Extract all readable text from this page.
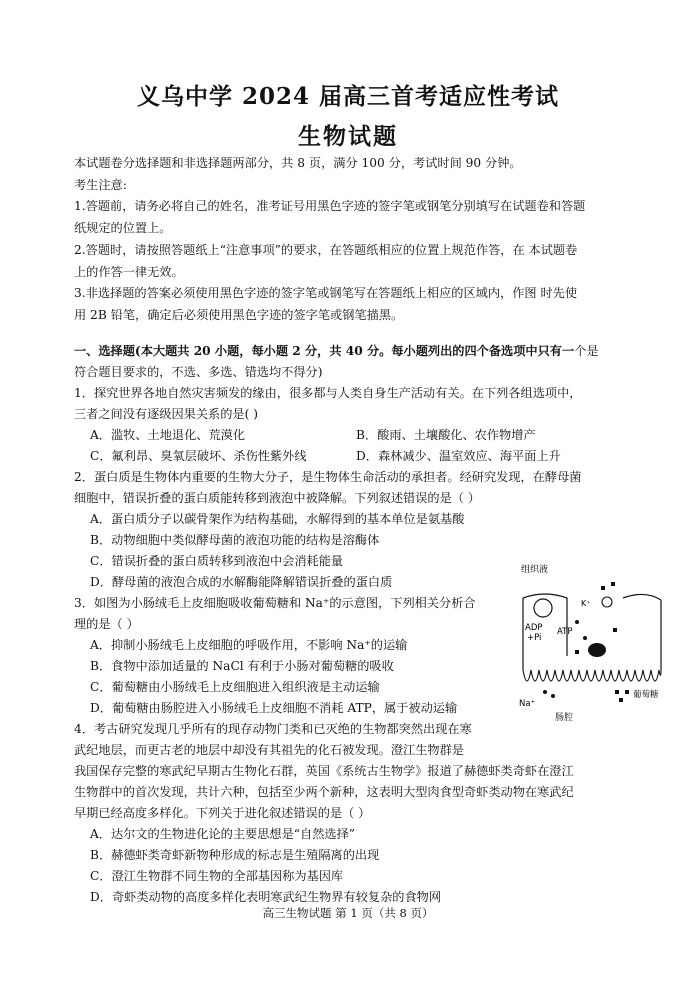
义乌中学 2024 届高三首考适应性考试
生物试题
本试题卷分选择题和非选择题两部分，共 8 页，满分 100 分，考试时间 90 分钟。
考生注意:
1.答题前，请务必将自己的姓名，准考证号用黑色字迹的签字笔或钢笔分别填写在试题卷和答题
纸规定的位置上。
2.答题时，请按照答题纸上“注意事项”的要求，在答题纸相应的位置上规范作答，在 本试题卷
上的作答一律无效。
3.非选择题的答案必须使用黑色字迹的签字笔或钢笔写在答题纸上相应的区域内，作图 时先使
用 2B 铅笔，确定后必须使用黑色字迹的签字笔或钢笔描黑。
一、选择题(本大题共 20 小题，每小题 2 分，共 40 分。每小题列出的四个备选项中只有一个是
符合题目要求的，不选、多选、错选均不得分)
1．探究世界各地自然灾害频发的缘由，很多都与人类自身生产活动有关。在下列各组选项中，
三者之间没有逐级因果关系的是( )
A．滥牧、土地退化、荒漠化	B．酸雨、土壤酸化、农作物增产
C．氟利昂、臭氧层破坏、杀伤性紫外线	D．森林减少、温室效应、海平面上升
2．蛋白质是生物体内重要的生物大分子，是生物体生命活动的承担者。经研究发现，在酵母菌
细胞中，错误折叠的蛋白质能转移到液泡中被降解。下列叙述错误的是（ ）
A．蛋白质分子以碳骨架作为结构基础，水解得到的基本单位是氨基酸
B．动物细胞中类似酵母菌的液泡功能的结构是溶酶体
C．错误折叠的蛋白质转移到液泡中会消耗能量
D．酵母菌的液泡合成的水解酶能降解错误折叠的蛋白质
3．如图为小肠绒毛上皮细胞吸收葡萄糖和 Na⁺的示意图，下列相关分析合
理的是（ ）
A．抑制小肠绒毛上皮细胞的呼吸作用，不影响 Na⁺的运输
B．食物中添加适量的 NaCl 有利于小肠对葡萄糖的吸收
C．葡萄糖由小肠绒毛上皮细胞进入组织液是主动运输
D．葡萄糖由肠腔进入小肠绒毛上皮细胞不消耗 ATP，属于被动运输
4．考古研究发现几乎所有的现存动物门类和已灭绝的生物都突然出现在寒
武纪地层，而更古老的地层中却没有其祖先的化石被发现。澄江生物群是
我国保存完整的寒武纪早期古生物化石群，英国《系统古生物学》报道了赫德虾类奇虾在澄江
生物群中的首次发现，共计六种，包括至少两个新种，这表明大型肉食型奇虾类动物在寒武纪
早期已经高度多样化。下列关于进化叙述错误的是（ ）
A．达尔文的生物进化论的主要思想是“自然选择”
B．赫德虾类奇虾新物种形成的标志是生殖隔离的出现
C．澄江生物群不同生物的全部基因称为基因库
D．奇虾类动物的高度多样化表明寒武纪生物界有较复杂的食物网
组织液
ADP
+Pi
ATP
葡萄糖
Na⁺
肠腔
K⁺
高三生物试题 第 1 页（共 8 页）
